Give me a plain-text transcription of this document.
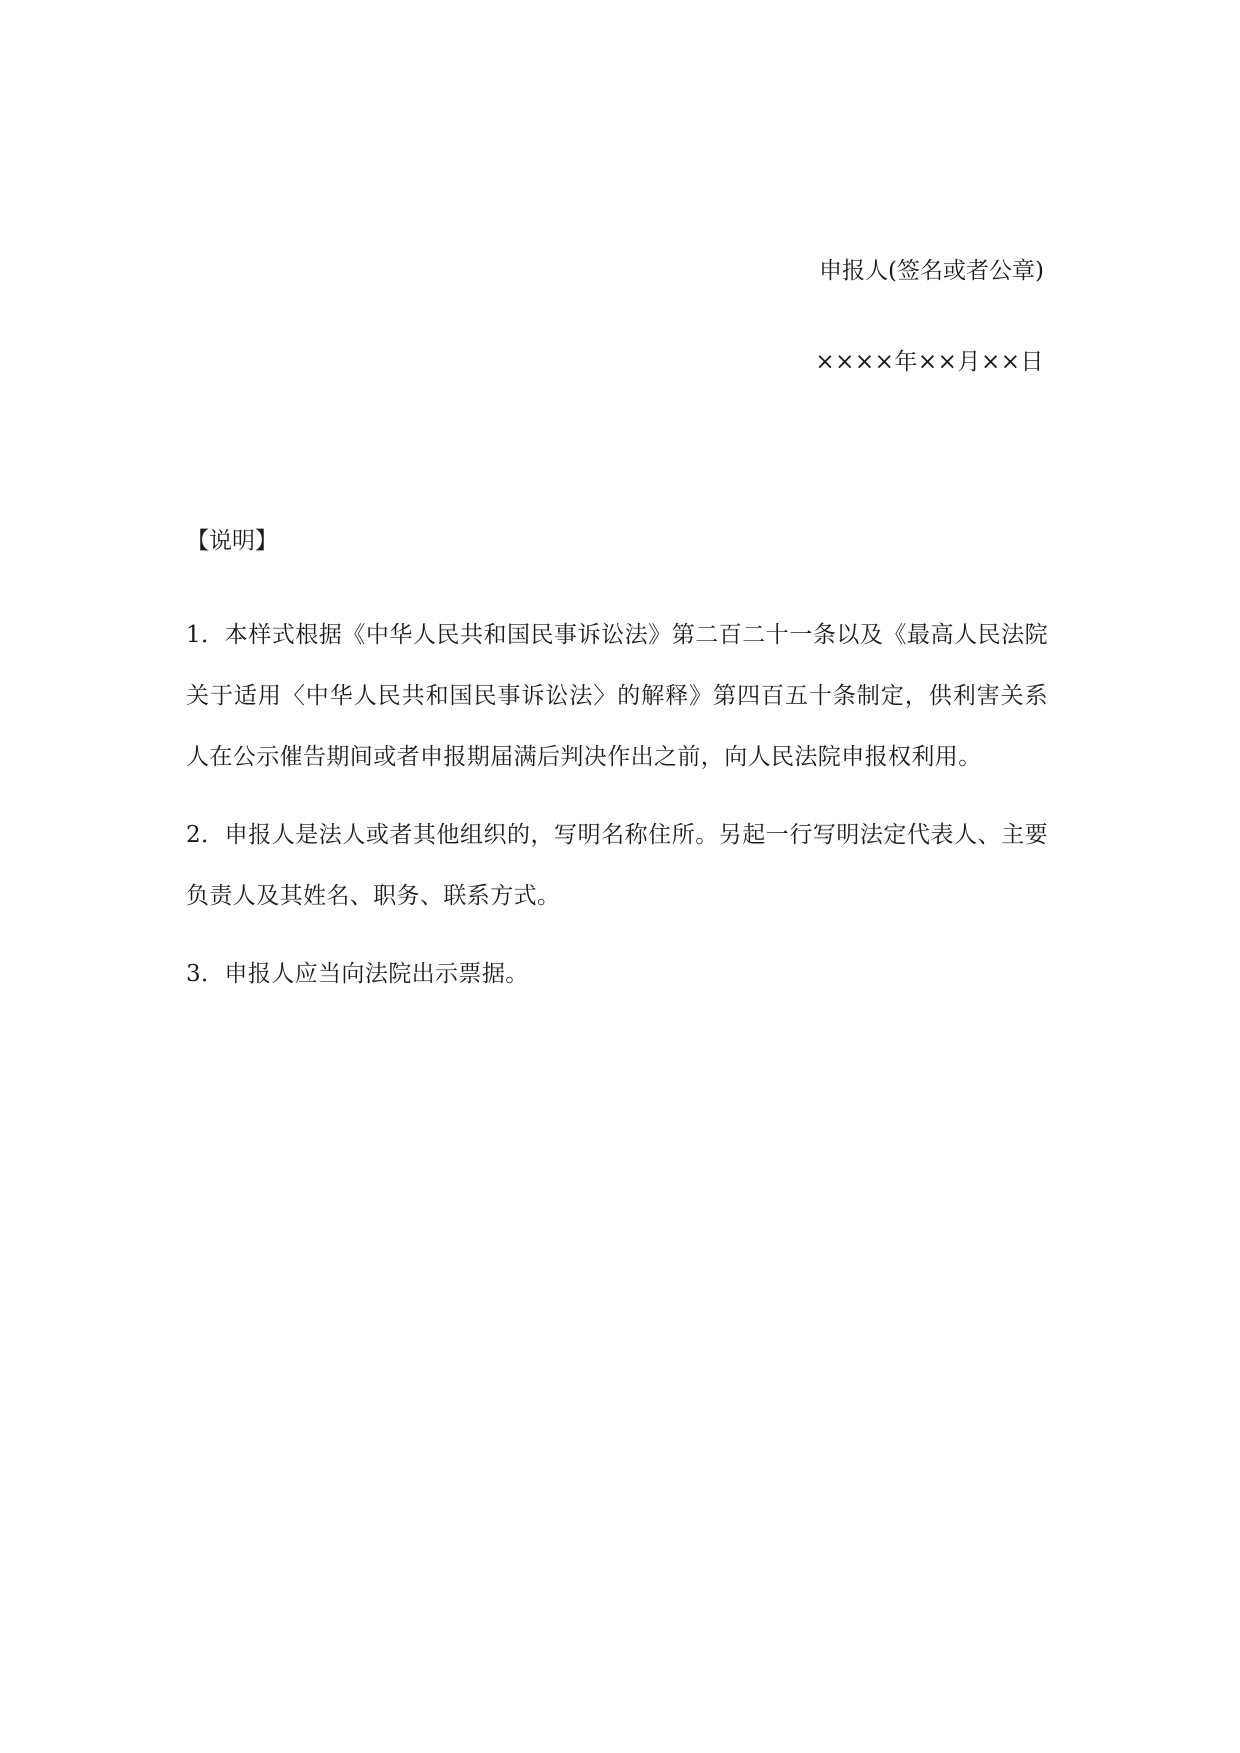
申报人(签名或者公章)
××××年××月××日
【说明】

1．本样式根据《中华人民共和国民事诉讼法》第二百二十一条以及《最高人民法院关于适用〈中华人民共和国民事诉讼法〉的解释》第四百五十条制定，供利害关系人在公示催告期间或者申报期届满后判决作出之前，向人民法院申报权利用。

2．申报人是法人或者其他组织的，写明名称住所。另起一行写明法定代表人、主要负责人及其姓名、职务、联系方式。

3．申报人应当向法院出示票据。
